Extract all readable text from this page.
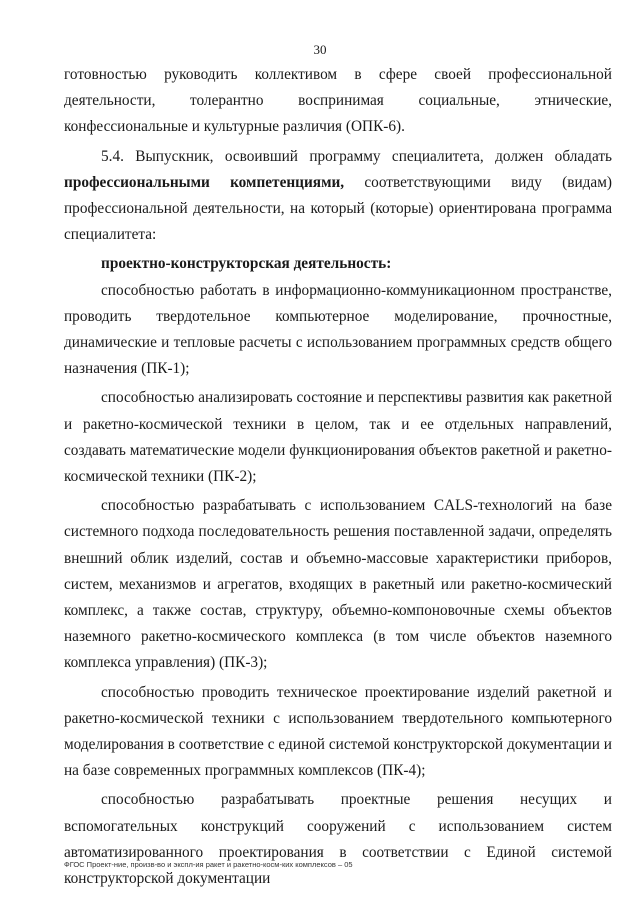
30

готовностью руководить коллективом в сфере своей профессиональной деятельности, толерантно воспринимая социальные, этнические, конфессиональные и культурные различия (ОПК-6).

5.4. Выпускник, освоивший программу специалитета, должен обладать профессиональными компетенциями, соответствующими виду (видам) профессиональной деятельности, на который (которые) ориентирована программа специалитета:

проектно-конструкторская деятельность:

способностью работать в информационно-коммуникационном пространстве, проводить твердотельное компьютерное моделирование, прочностные, динамические и тепловые расчеты с использованием программных средств общего назначения (ПК-1);

способностью анализировать состояние и перспективы развития как ракетной и ракетно-космической техники в целом, так и ее отдельных направлений, создавать математические модели функционирования объектов ракетной и ракетно-космической техники (ПК-2);

способностью разрабатывать с использованием CALS-технологий на базе системного подхода последовательность решения поставленной задачи, определять внешний облик изделий, состав и объемно-массовые характеристики приборов, систем, механизмов и агрегатов, входящих в ракетный или ракетно-космический комплекс, а также состав, структуру, объемно-компоновочные схемы объектов наземного ракетно-космического комплекса (в том числе объектов наземного комплекса управления) (ПК-3);

способностью проводить техническое проектирование изделий ракетной и ракетно-космической техники с использованием твердотельного компьютерного моделирования в соответствие с единой системой конструкторской документации и на базе современных программных комплексов (ПК-4);

способностью разрабатывать проектные решения несущих и вспомогательных конструкций сооружений с использованием систем автоматизированного проектирования в соответствии с Единой системой конструкторской документации

ФГОС Проект-ние, произв-во и экспл-ия ракет и ракетно-косм-ких комплексов – 05
